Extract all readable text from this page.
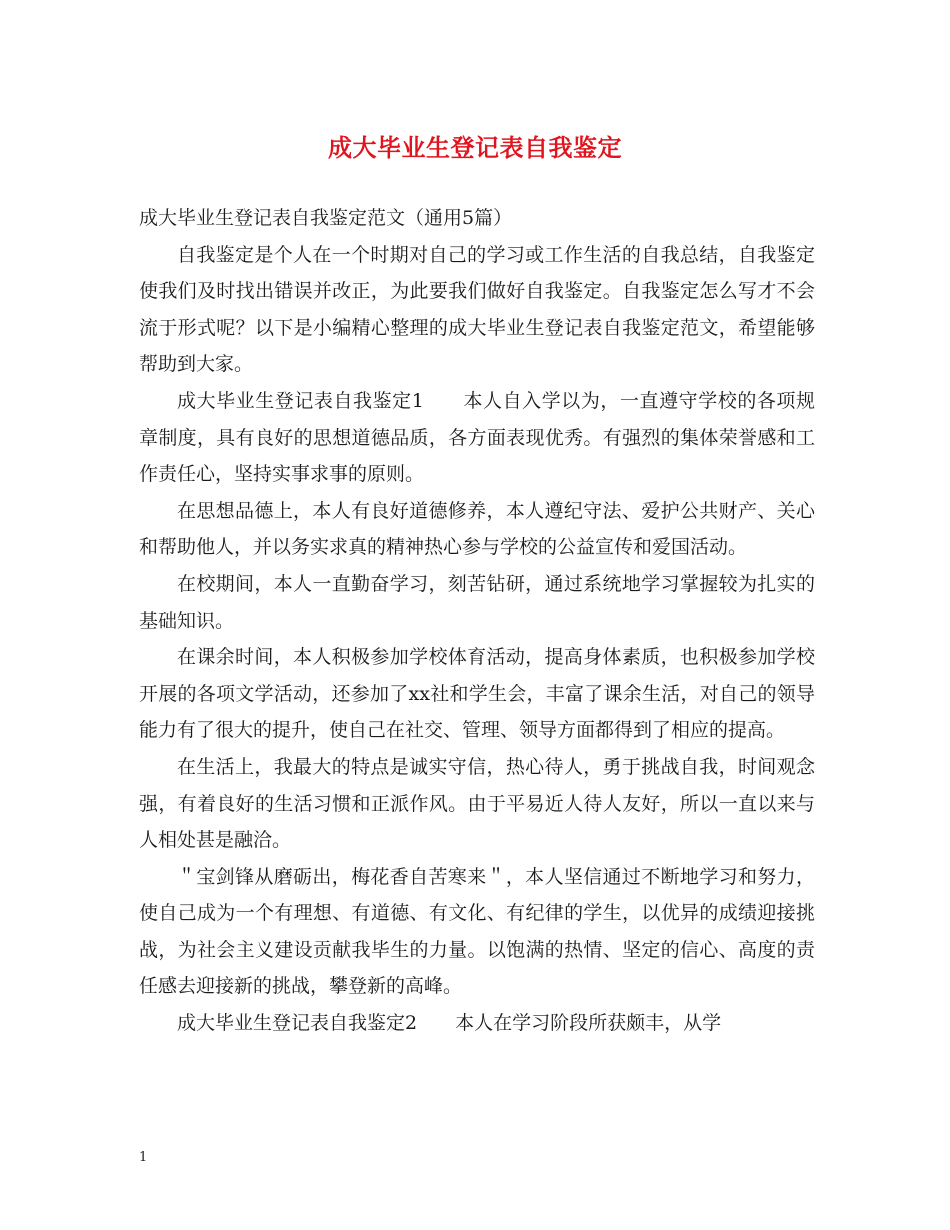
成大毕业生登记表自我鉴定

成大毕业生登记表自我鉴定范文（通用5篇）

自我鉴定是个人在一个时期对自己的学习或工作生活的自我总结，自我鉴定使我们及时找出错误并改正，为此要我们做好自我鉴定。自我鉴定怎么写才不会流于形式呢？以下是小编精心整理的成大毕业生登记表自我鉴定范文，希望能够帮助到大家。

成大毕业生登记表自我鉴定1　　本人自入学以为，一直遵守学校的各项规章制度，具有良好的思想道德品质，各方面表现优秀。有强烈的集体荣誉感和工作责任心，坚持实事求事的原则。

在思想品德上，本人有良好道德修养，本人遵纪守法、爱护公共财产、关心和帮助他人，并以务实求真的精神热心参与学校的公益宣传和爱国活动。

在校期间，本人一直勤奋学习，刻苦钻研，通过系统地学习掌握较为扎实的基础知识。

在课余时间，本人积极参加学校体育活动，提高身体素质，也积极参加学校开展的各项文学活动，还参加了xx社和学生会，丰富了课余生活，对自己的领导能力有了很大的提升，使自己在社交、管理、领导方面都得到了相应的提高。

在生活上，我最大的特点是诚实守信，热心待人，勇于挑战自我，时间观念强，有着良好的生活习惯和正派作风。由于平易近人待人友好，所以一直以来与人相处甚是融洽。

＂宝剑锋从磨砺出，梅花香自苦寒来＂，本人坚信通过不断地学习和努力，使自己成为一个有理想、有道德、有文化、有纪律的学生，以优异的成绩迎接挑战，为社会主义建设贡献我毕生的力量。以饱满的热情、坚定的信心、高度的责任感去迎接新的挑战，攀登新的高峰。

成大毕业生登记表自我鉴定2　　本人在学习阶段所获颇丰，从学

1
